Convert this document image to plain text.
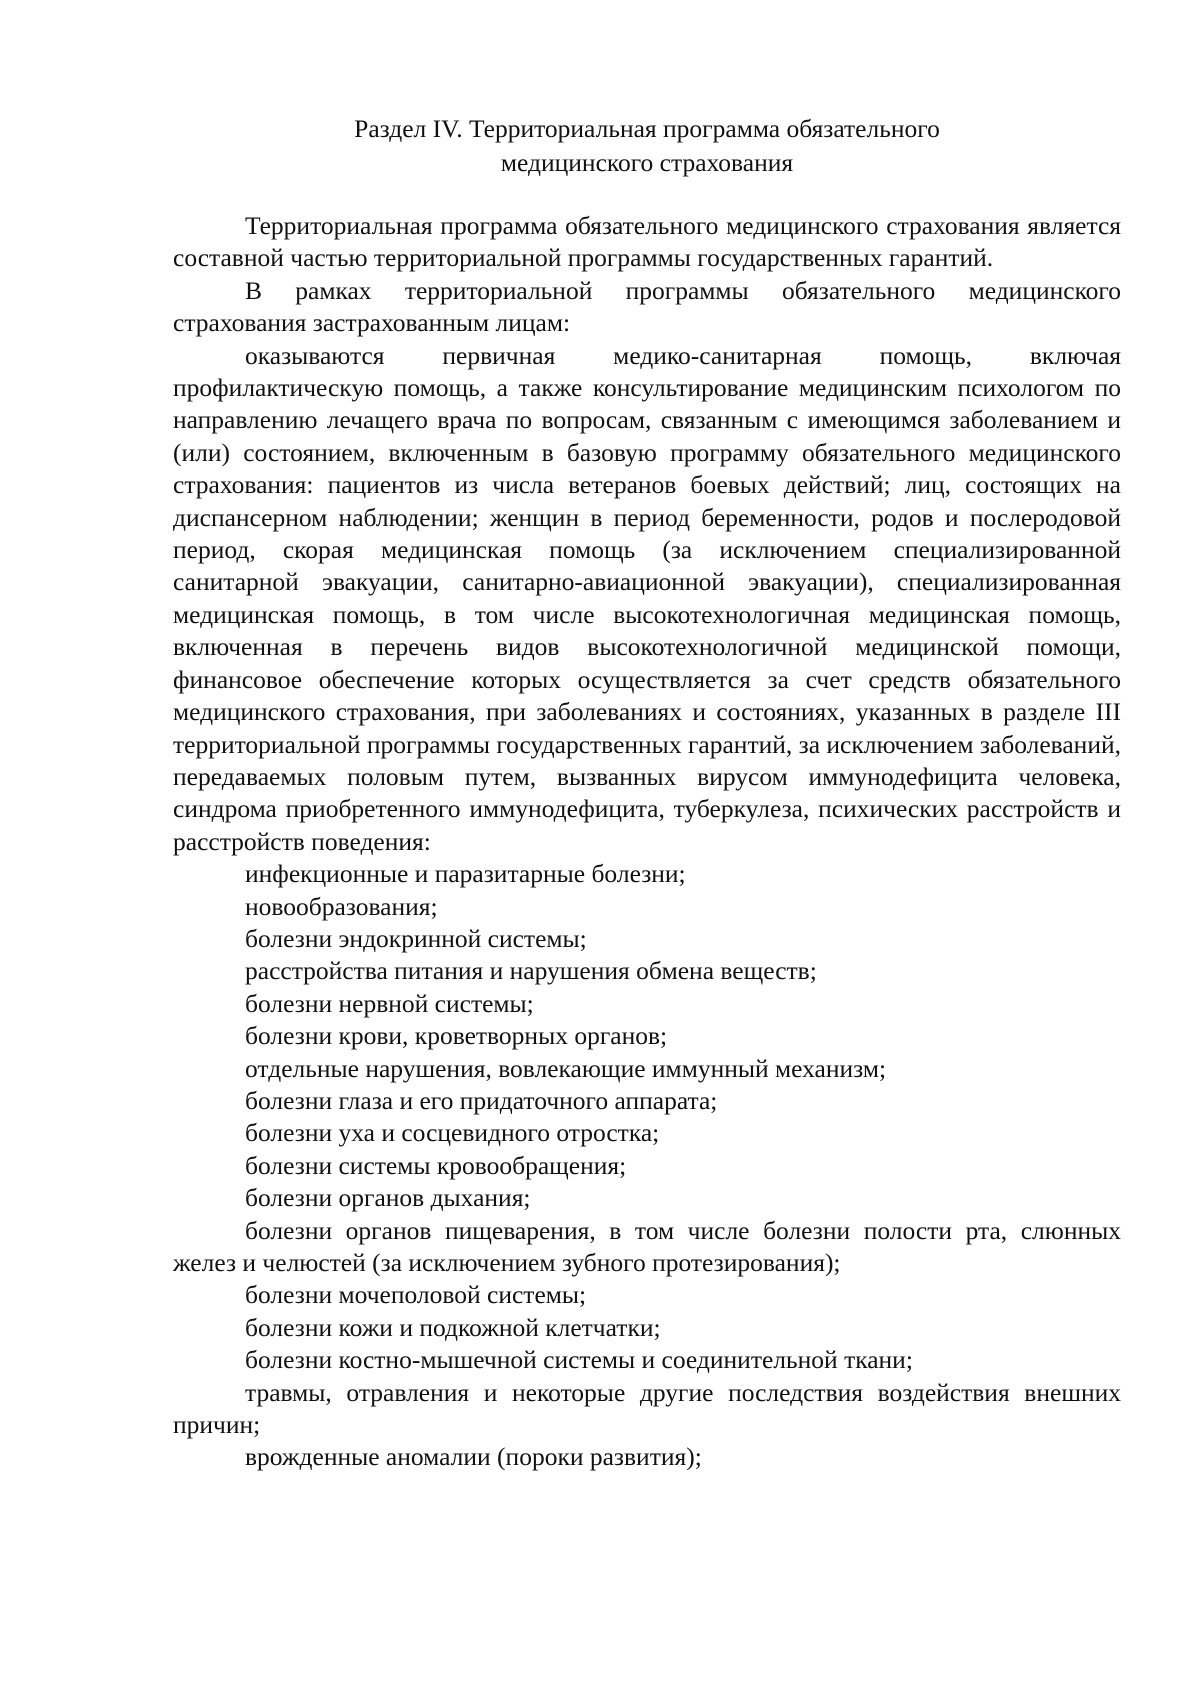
Раздел IV. Территориальная программа обязательного
медицинского страхования

Территориальная программа обязательного медицинского страхования является составной частью территориальной программы государственных гарантий.

В рамках территориальной программы обязательного медицинского страхования застрахованным лицам:

оказываются первичная медико-санитарная помощь, включая профилактическую помощь, а также консультирование медицинским психологом по направлению лечащего врача по вопросам, связанным с имеющимся заболеванием и (или) состоянием, включенным в базовую программу обязательного медицинского страхования: пациентов из числа ветеранов боевых действий; лиц, состоящих на диспансерном наблюдении; женщин в период беременности, родов и послеродовой период, скорая медицинская помощь (за исключением специализированной санитарной эвакуации, санитарно-авиационной эвакуации), специализированная медицинская помощь, в том числе высокотехнологичная медицинская помощь, включенная в перечень видов высокотехнологичной медицинской помощи, финансовое обеспечение которых осуществляется за счет средств обязательного медицинского страхования, при заболеваниях и состояниях, указанных в разделе III территориальной программы государственных гарантий, за исключением заболеваний, передаваемых половым путем, вызванных вирусом иммунодефицита человека, синдрома приобретенного иммунодефицита, туберкулеза, психических расстройств и расстройств поведения:

инфекционные и паразитарные болезни;
новообразования;
болезни эндокринной системы;
расстройства питания и нарушения обмена веществ;
болезни нервной системы;
болезни крови, кроветворных органов;
отдельные нарушения, вовлекающие иммунный механизм;
болезни глаза и его придаточного аппарата;
болезни уха и сосцевидного отростка;
болезни системы кровообращения;
болезни органов дыхания;
болезни органов пищеварения, в том числе болезни полости рта, слюнных желез и челюстей (за исключением зубного протезирования);
болезни мочеполовой системы;
болезни кожи и подкожной клетчатки;
болезни костно-мышечной системы и соединительной ткани;
травмы, отравления и некоторые другие последствия воздействия внешних причин;
врожденные аномалии (пороки развития);
